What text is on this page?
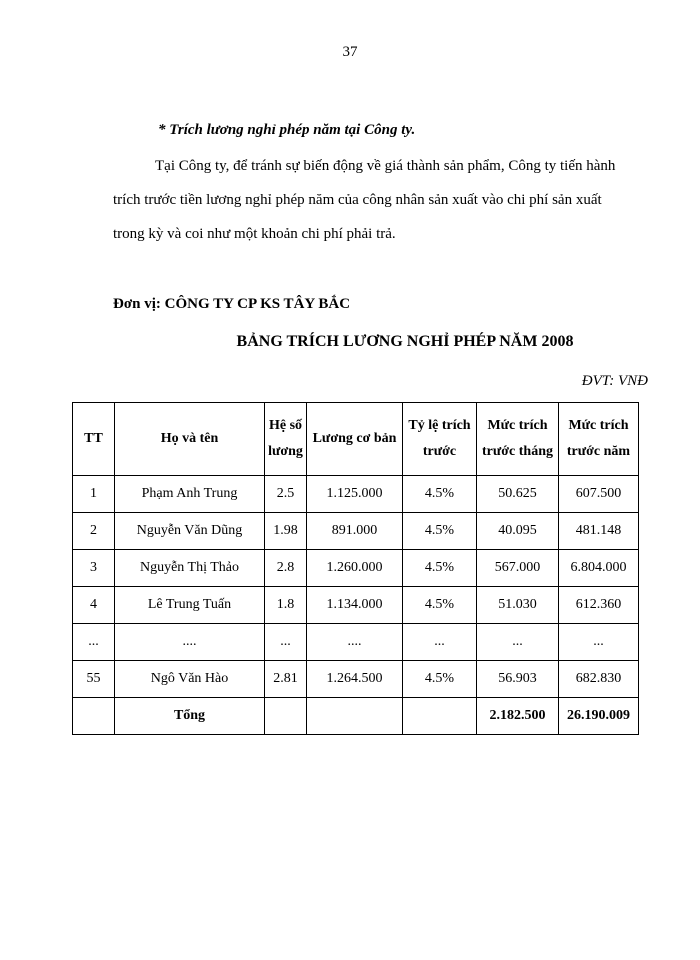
37
* Trích lương nghỉ phép năm tại Công ty.
Tại Công ty, để tránh sự biến động về giá thành sản phẩm, Công ty tiến hành
trích trước tiền lương nghỉ phép năm của công nhân sản xuất vào chi phí sản xuất
trong kỳ và coi như một khoản chi phí phải trả.
Đơn vị: CÔNG TY CP KS TÂY BẮC
BẢNG TRÍCH LƯƠNG NGHỈ PHÉP NĂM 2008
ĐVT: VNĐ
TT	Họ và tên	Hệ số lương	Lương cơ bản	Tỷ lệ trích trước	Mức trích trước tháng	Mức trích trước năm
1	Phạm Anh Trung	2.5	1.125.000	4.5%	50.625	607.500
2	Nguyễn Văn Dũng	1.98	891.000	4.5%	40.095	481.148
3	Nguyễn Thị Thảo	2.8	1.260.000	4.5%	567.000	6.804.000
4	Lê Trung Tuấn	1.8	1.134.000	4.5%	51.030	612.360
...	....	...	....	...	...	...
55	Ngô Văn Hào	2.81	1.264.500	4.5%	56.903	682.830
	Tổng				2.182.500	26.190.009
